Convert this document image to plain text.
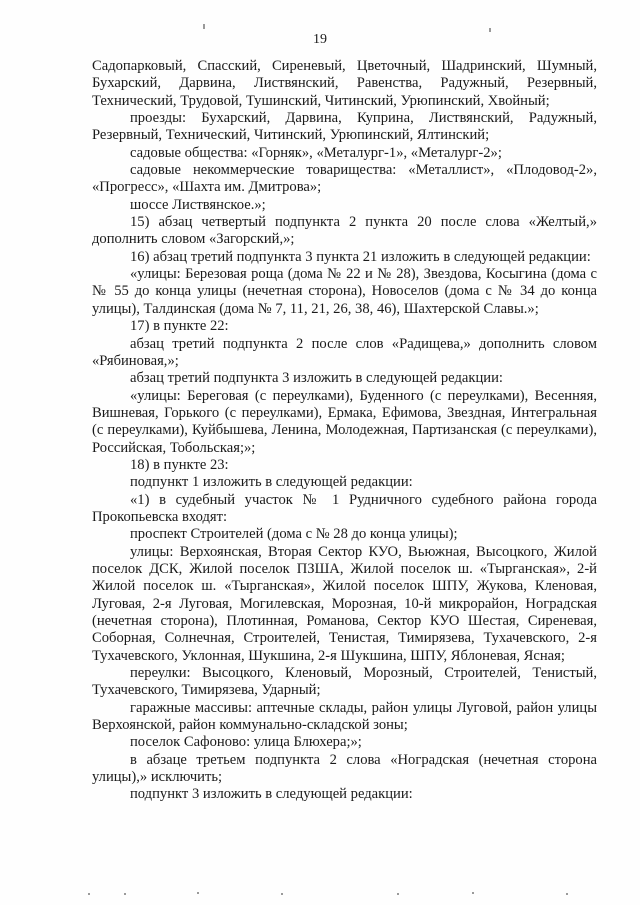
19

Садопарковый, Спасский, Сиреневый, Цветочный, Шадринский, Шумный, Бухарский, Дарвина, Листвянский, Равенства, Радужный, Резервный, Технический, Трудовой, Тушинский, Читинский, Урюпинский, Хвойный;

проезды: Бухарский, Дарвина, Куприна, Листвянский, Радужный, Резервный, Технический, Читинский, Урюпинский, Ялтинский;

садовые общества: «Горняк», «Металург-1», «Металург-2»;

садовые некоммерческие товарищества: «Металлист», «Плодовод-2», «Прогресс», «Шахта им. Дмитрова»;

шоссе Листвянское.»;

15) абзац четвертый подпункта 2 пункта 20 после слова «Желтый,» дополнить словом «Загорский,»;

16) абзац третий подпункта 3 пункта 21 изложить в следующей редакции:

«улицы: Березовая роща (дома № 22 и № 28), Звездова, Косыгина (дома с № 55 до конца улицы (нечетная сторона), Новоселов (дома с № 34 до конца улицы), Талдинская (дома № 7, 11, 21, 26, 38, 46), Шахтерской Славы.»;

17) в пункте 22:

абзац третий подпункта 2 после слов «Радищева,» дополнить словом «Рябиновая,»;

абзац третий подпункта 3 изложить в следующей редакции:

«улицы: Береговая (с переулками), Буденного (с переулками), Весенняя, Вишневая, Горького (с переулками), Ермака, Ефимова, Звездная, Интегральная (с переулками), Куйбышева, Ленина, Молодежная, Партизанская (с переулками), Российская, Тобольская;»;

18) в пункте 23:

подпункт 1 изложить в следующей редакции:

«1) в судебный участок № 1 Рудничного судебного района города Прокопьевска входят:

проспект Строителей (дома с № 28 до конца улицы);

улицы: Верхоянская, Вторая Сектор КУО, Вьюжная, Высоцкого, Жилой поселок ДСК, Жилой поселок ПЗША, Жилой поселок ш. «Тырганская», 2-й Жилой поселок ш. «Тырганская», Жилой поселок ШПУ, Жукова, Кленовая, Луговая, 2-я Луговая, Могилевская, Морозная, 10-й микрорайон, Ноградская (нечетная сторона), Плотинная, Романова, Сектор КУО Шестая, Сиреневая, Соборная, Солнечная, Строителей, Тенистая, Тимирязева, Тухачевского, 2-я Тухачевского, Уклонная, Шукшина, 2-я Шукшина, ШПУ, Яблоневая, Ясная;

переулки: Высоцкого, Кленовый, Морозный, Строителей, Тенистый, Тухачевского, Тимирязева, Ударный;

гаражные массивы: аптечные склады, район улицы Луговой, район улицы Верхоянской, район коммунально-складской зоны;

поселок Сафоново: улица Блюхера;»;

в абзаце третьем подпункта 2 слова «Ноградская (нечетная сторона улицы),» исключить;

подпункт 3 изложить в следующей редакции:
